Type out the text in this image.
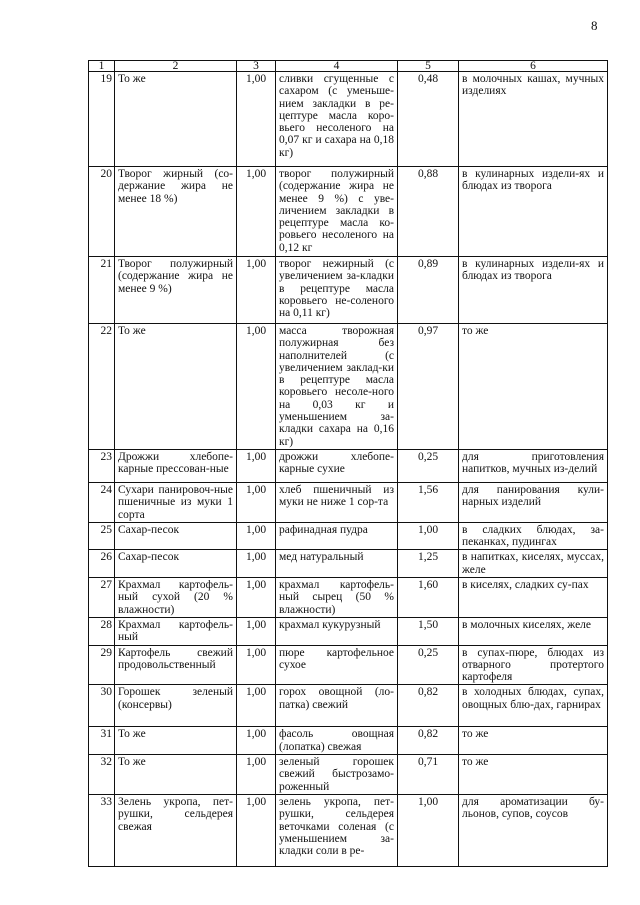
8
1	2	3	4	5	6
19	То же	1,00	сливки сгущенные с сахаром (с уменьше-нием закладки в ре-цептуре масла коро-вьего несоленого на 0,07 кг и сахара на 0,18 кг)	0,48	в молочных кашах, мучных изделиях
20	Творог жирный (со-держание жира не менее 18 %)	1,00	творог полужирный (содержание жира не менее 9 %) с уве-личением закладки в рецептуре масла ко-ровьего несоленого на 0,12 кг	0,88	в кулинарных издели-ях и блюдах из творога
21	Творог полужирный (содержание жира не менее 9 %)	1,00	творог нежирный (с увеличением за-кладки в рецептуре масла коровьего не-соленого на 0,11 кг)	0,89	в кулинарных издели-ях и блюдах из творога
22	То же	1,00	масса творожная полужирная без наполнителей (с увеличением заклад-ки в рецептуре масла коровьего несоле-ного на 0,03 кг и уменьшением за-кладки сахара на 0,16 кг)	0,97	то же
23	Дрожжи хлебопе-карные прессован-ные	1,00	дрожжи хлебопе-карные сухие	0,25	для приготовления напитков, мучных из-делий
24	Сухари панировоч-ные пшеничные из муки 1 сорта	1,00	хлеб пшеничный из муки не ниже 1 сор-та	1,56	для панирования кули-нарных изделий
25	Сахар-песок	1,00	рафинадная пудра	1,00	в сладких блюдах, за-пеканках, пудингах
26	Сахар-песок	1,00	мед натуральный	1,25	в напитках, киселях, муссах, желе
27	Крахмал картофель-ный сухой (20 % влажности)	1,00	крахмал картофель-ный сырец (50 % влажности)	1,60	в киселях, сладких су-пах
28	Крахмал картофель-ный	1,00	крахмал кукурузный	1,50	в молочных киселях, желе
29	Картофель свежий продовольственный	1,00	пюре картофельное сухое	0,25	в супах-пюре, блюдах из отварного протертого картофеля
30	Горошек зеленый (консервы)	1,00	горох овощной (ло-патка) свежий	0,82	в холодных блюдах, супах, овощных блю-дах, гарнирах
31	То же	1,00	фасоль овощная (лопатка) свежая	0,82	то же
32	То же	1,00	зеленый горошек свежий быстрозамо-роженный	0,71	то же
33	Зелень укропа, пет-рушки, сельдерея свежая	1,00	зелень укропа, пет-рушки, сельдерея веточками соленая (с уменьшением за-кладки соли в ре-	1,00	для ароматизации бу-льонов, супов, соусов
